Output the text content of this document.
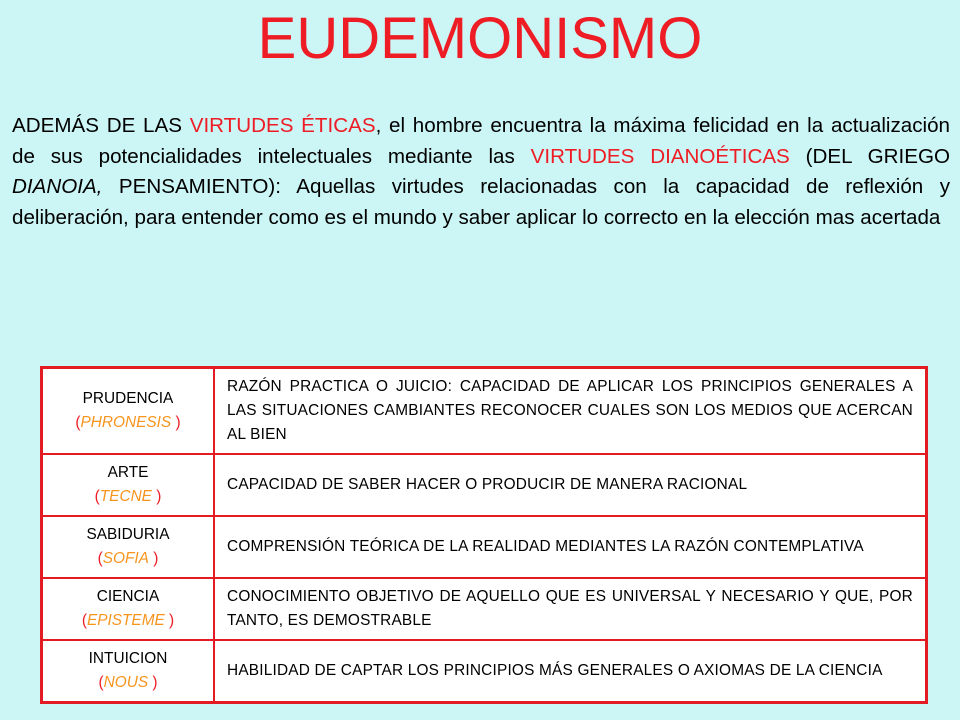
EUDEMONISMO
ADEMÁS DE LAS VIRTUDES ÉTICAS, el hombre encuentra la máxima felicidad en la actualización de sus potencialidades intelectuales mediante las VIRTUDES DIANOÉTICAS (DEL GRIEGO DIANOIA, PENSAMIENTO): Aquellas virtudes relacionadas con la capacidad de reflexión y deliberación, para entender como es el mundo y saber aplicar lo correcto en la elección mas acertada
PRUDENCIA
(PHRONESIS )	RAZÓN PRACTICA O JUICIO: CAPACIDAD DE APLICAR LOS PRINCIPIOS GENERALES A LAS SITUACIONES CAMBIANTES RECONOCER CUALES SON LOS MEDIOS QUE ACERCAN AL BIEN

ARTE
(TECNE )	CAPACIDAD DE SABER HACER O PRODUCIR DE MANERA RACIONAL

SABIDURIA
(SOFIA )	COMPRENSIÓN TEÓRICA DE LA REALIDAD MEDIANTES LA RAZÓN CONTEMPLATIVA

CIENCIA
(EPISTEME )	CONOCIMIENTO OBJETIVO DE AQUELLO QUE ES UNIVERSAL Y NECESARIO Y QUE, POR TANTO, ES DEMOSTRABLE

INTUICION
(NOUS )	HABILIDAD DE CAPTAR LOS PRINCIPIOS MÁS GENERALES O AXIOMAS DE LA CIENCIA
